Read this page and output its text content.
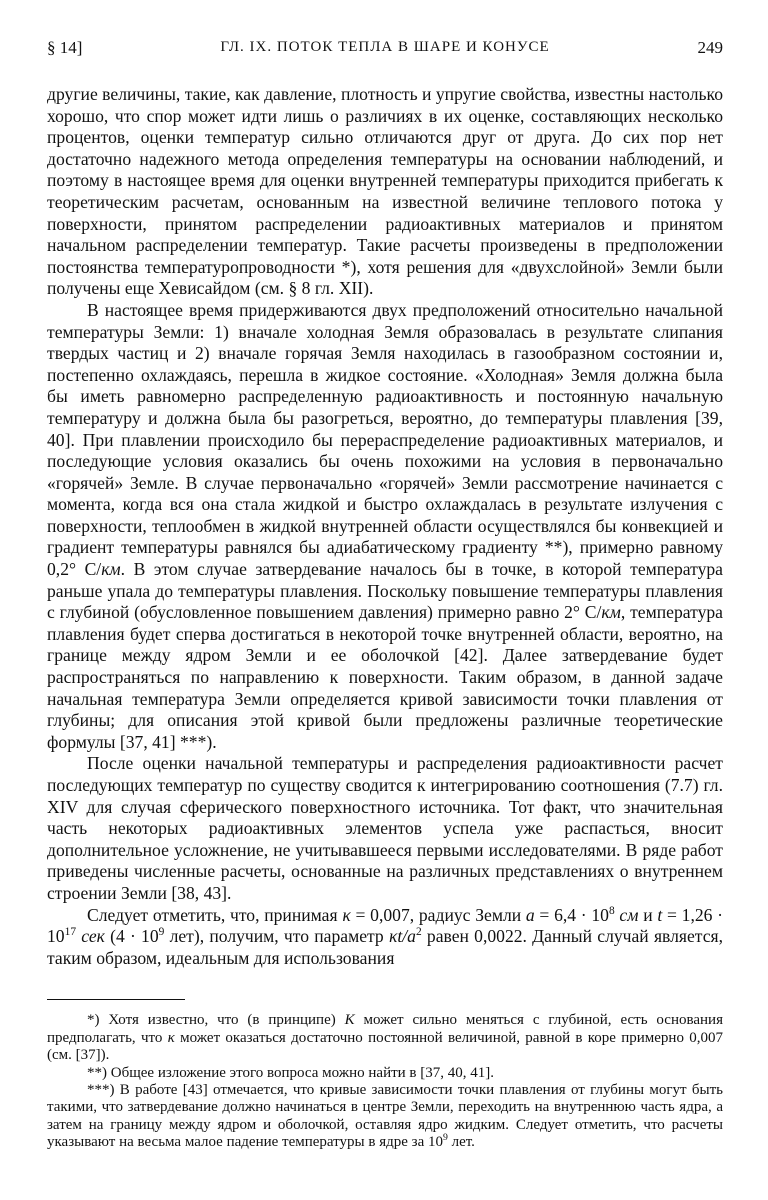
§ 14]	ГЛ. IX. ПОТОК ТЕПЛА В ШАРЕ И КОНУСЕ	249

другие величины, такие, как давление, плотность и упругие свойства, известны настолько хорошо, что спор может идти лишь о различиях в их оценке, составляющих несколько процентов, оценки температур сильно отличаются друг от друга. До сих пор нет достаточно надежного метода определения температуры на основании наблюдений, и поэтому в настоящее время для оценки внутренней температуры приходится прибегать к теоретическим расчетам, основанным на известной величине теплового потока у поверхности, принятом распределении радиоактивных материалов и принятом начальном распределении температур. Такие расчеты произведены в предположении постоянства температуропроводности *), хотя решения для «двухслойной» Земли были получены еще Хевисайдом (см. § 8 гл. XII).

В настоящее время придерживаются двух предположений относительно начальной температуры Земли: 1) вначале холодная Земля образовалась в результате слипания твердых частиц и 2) вначале горячая Земля находилась в газообразном состоянии и, постепенно охлаждаясь, перешла в жидкое состояние. «Холодная» Земля должна была бы иметь равномерно распределенную радиоактивность и постоянную начальную температуру и должна была бы разогреться, вероятно, до температуры плавления [39, 40]. При плавлении происходило бы перераспределение радиоактивных материалов, и последующие условия оказались бы очень похожими на условия в первоначально «горячей» Земле. В случае первоначально «горячей» Земли рассмотрение начинается с момента, когда вся она стала жидкой и быстро охлаждалась в результате излучения с поверхности, теплообмен в жидкой внутренней области осуществлялся бы конвекцией и градиент температуры равнялся бы адиабатическому градиенту **), примерно равному 0,2° С/км. В этом случае затвердевание началось бы в точке, в которой температура раньше упала до температуры плавления. Поскольку повышение температуры плавления с глубиной (обусловленное повышением давления) примерно равно 2° С/км, температура плавления будет сперва достигаться в некоторой точке внутренней области, вероятно, на границе между ядром Земли и ее оболочкой [42]. Далее затвердевание будет распространяться по направлению к поверхности. Таким образом, в данной задаче начальная температура Земли определяется кривой зависимости точки плавления от глубины; для описания этой кривой были предложены различные теоретические формулы [37, 41] ***).

После оценки начальной температуры и распределения радиоактивности расчет последующих температур по существу сводится к интегрированию соотношения (7.7) гл. XIV для случая сферического поверхностного источника. Тот факт, что значительная часть некоторых радиоактивных элементов успела уже распасться, вносит дополнительное усложнение, не учитывавшееся первыми исследователями. В ряде работ приведены численные расчеты, основанные на различных представлениях о внутреннем строении Земли [38, 43].

Следует отметить, что, принимая κ = 0,007, радиус Земли $a = 6,4 \cdot 10^8$ см и $t = 1,26 \cdot 10^{17}$ сек ($4 \cdot 10^9$ лет), получим, что параметр $\kappa t/a^2$ равен 0,0022. Данный случай является, таким образом, идеальным для использования

*) Хотя известно, что (в принципе) K может сильно меняться с глубиной, есть основания предполагать, что κ может оказаться достаточно постоянной величиной, равной в коре примерно 0,007 (см. [37]).

**) Общее изложение этого вопроса можно найти в [37, 40, 41].

***) В работе [43] отмечается, что кривые зависимости точки плавления от глубины могут быть такими, что затвердевание должно начинаться в центре Земли, переходить на внутреннюю часть ядра, а затем на границу между ядром и оболочкой, оставляя ядро жидким. Следует отметить, что расчеты указывают на весьма малое падение температуры в ядре за $10^9$ лет.
